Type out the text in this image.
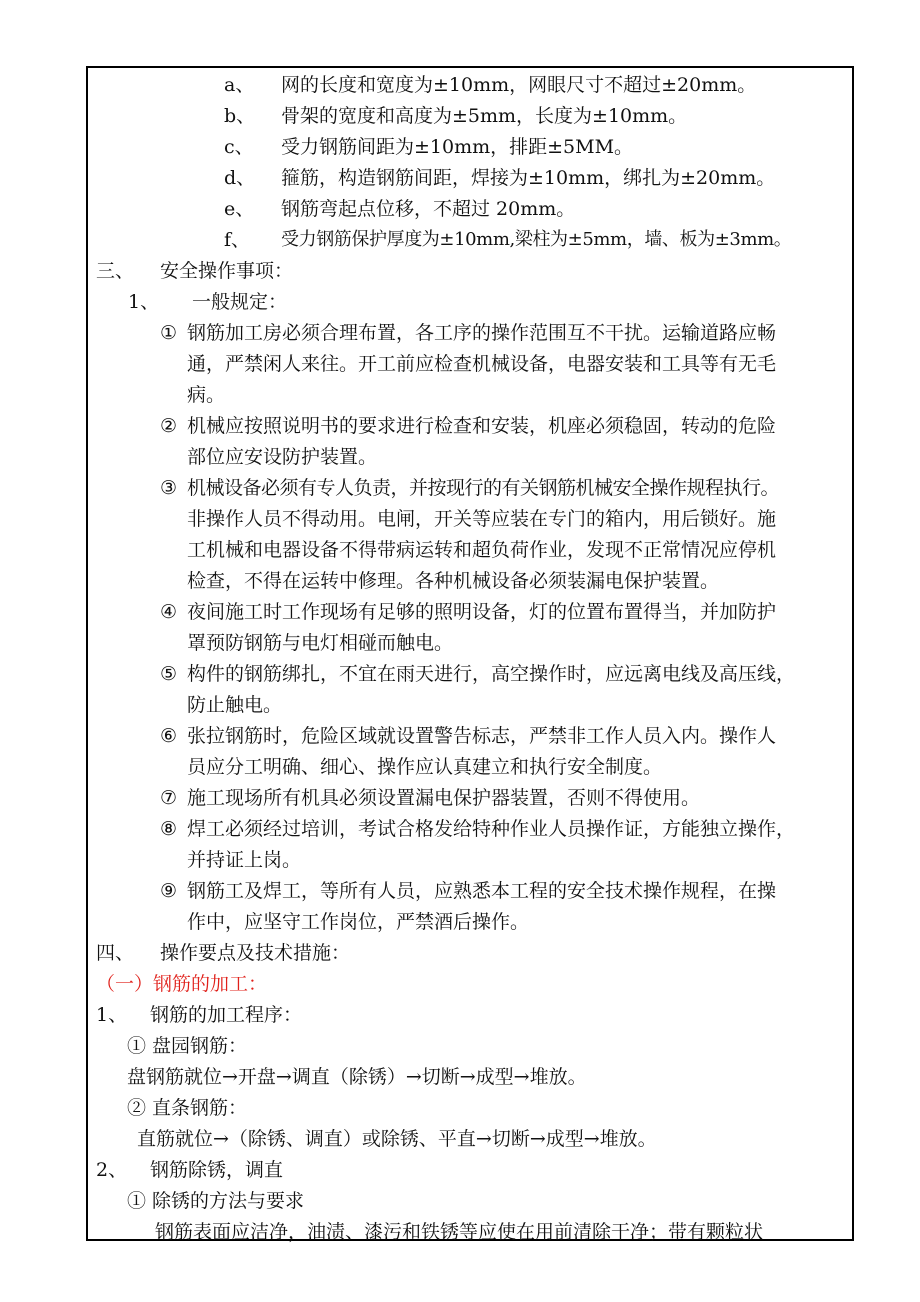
a、 网的长度和宽度为±10mm，网眼尺寸不超过±20mm。
b、 骨架的宽度和高度为±5mm，长度为±10mm。
c、 受力钢筋间距为±10mm，排距±5MM。
d、 箍筋，构造钢筋间距，焊接为±10mm，绑扎为±20mm。
e、 钢筋弯起点位移，不超过 20mm。
f、 受力钢筋保护厚度为±10mm,梁柱为±5mm，墙、板为±3mm。
三、 安全操作事项：
1、 一般规定：
① 钢筋加工房必须合理布置，各工序的操作范围互不干扰。运输道路应畅
通，严禁闲人来往。开工前应检查机械设备，电器安装和工具等有无毛
病。
② 机械应按照说明书的要求进行检查和安装，机座必须稳固，转动的危险
部位应安设防护装置。
③ 机械设备必须有专人负责，并按现行的有关钢筋机械安全操作规程执行。
非操作人员不得动用。电闸，开关等应装在专门的箱内，用后锁好。施
工机械和电器设备不得带病运转和超负荷作业，发现不正常情况应停机
检查，不得在运转中修理。各种机械设备必须装漏电保护装置。
④ 夜间施工时工作现场有足够的照明设备，灯的位置布置得当，并加防护
罩预防钢筋与电灯相碰而触电。
⑤ 构件的钢筋绑扎，不宜在雨天进行，高空操作时，应远离电线及高压线，
防止触电。
⑥ 张拉钢筋时，危险区域就设置警告标志，严禁非工作人员入内。操作人
员应分工明确、细心、操作应认真建立和执行安全制度。
⑦ 施工现场所有机具必须设置漏电保护器装置，否则不得使用。
⑧ 焊工必须经过培训，考试合格发给特种作业人员操作证，方能独立操作，
并持证上岗。
⑨ 钢筋工及焊工，等所有人员，应熟悉本工程的安全技术操作规程，在操
作中，应坚守工作岗位，严禁酒后操作。
四、 操作要点及技术措施：
（一）钢筋的加工：
1、 钢筋的加工程序：
① 盘园钢筋：
盘钢筋就位→开盘→调直（除锈）→切断→成型→堆放。
② 直条钢筋：
直筋就位→（除锈、调直）或除锈、平直→切断→成型→堆放。
2、 钢筋除锈，调直
① 除锈的方法与要求
钢筋表面应洁净，油渍、漆污和铁锈等应使在用前清除干净；带有颗粒状
